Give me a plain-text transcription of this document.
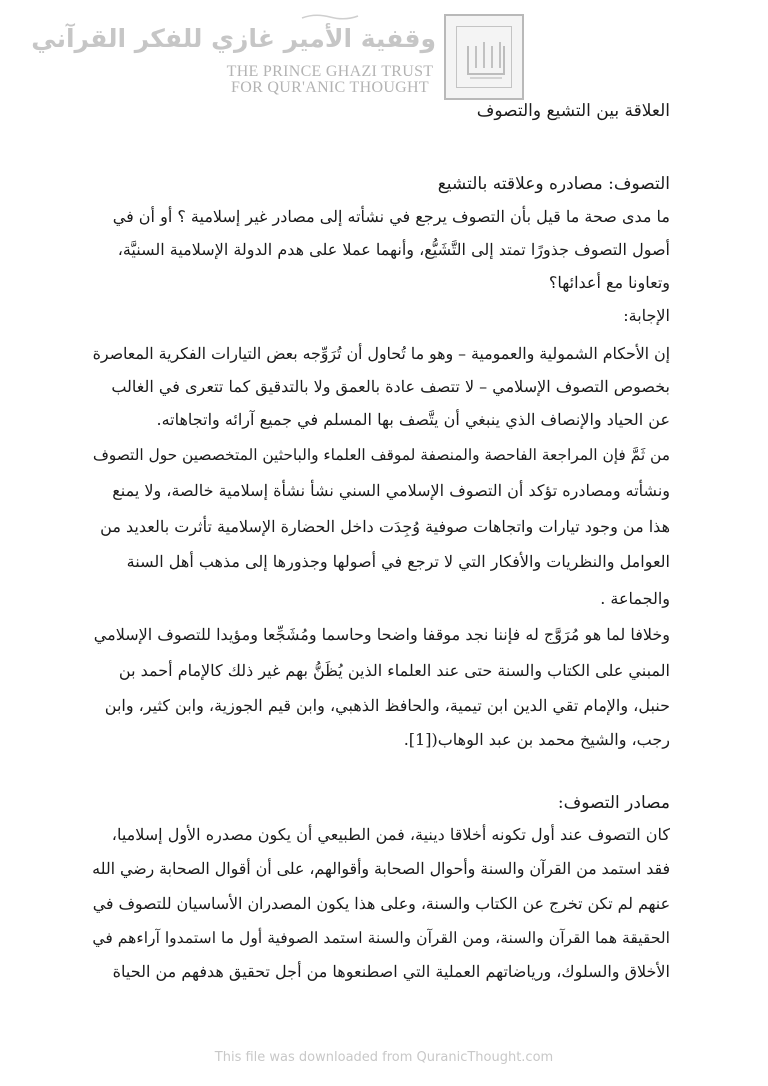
وقفية الأمير غازي للفكر القرآني
THE PRINCE GHAZI TRUST
FOR QUR'ANIC THOUGHT
العلاقة بين التشيع والتصوف
التصوف: مصادره وعلاقته بالتشيع
ما مدى صحة ما قيل بأن التصوف يرجع في نشأته إلى مصادر غير إسلامية ؟ أو أن في
أصول التصوف جذورًا تمتد إلى التَّشَيُّع، وأنهما عملا على هدم الدولة الإسلامية السنيَّة،
وتعاونا مع أعدائها؟
الإجابة:
إن الأحكام الشمولية والعمومية – وهو ما تُحاول أن تُرَوِّجه بعض التيارات الفكرية المعاصرة
بخصوص التصوف الإسلامي – لا تتصف عادة بالعمق ولا بالتدقيق كما تتعرى في الغالب
عن الحياد والإنصاف الذي ينبغي أن يتَّصف بها المسلم في جميع آرائه واتجاهاته.
من ثَمَّ فإن المراجعة الفاحصة والمنصفة لموقف العلماء والباحثين المتخصصين حول التصوف
ونشأته ومصادره تؤكد أن التصوف الإسلامي السني نشأ نشأة إسلامية خالصة، ولا يمنع
هذا من وجود تيارات واتجاهات صوفية وُجِدَت داخل الحضارة الإسلامية تأثرت بالعديد من
العوامل والنظريات والأفكار التي لا ترجع في أصولها وجذورها إلى مذهب أهل السنة
والجماعة .
وخلافا لما هو مُرَوَّج له فإننا نجد موقفا واضحا وحاسما ومُشَجِّعا ومؤيدا للتصوف الإسلامي
المبني على الكتاب والسنة حتى عند العلماء الذين يُظَنُّ بهم غير ذلك كالإمام أحمد بن
حنبل، والإمام تقي الدين ابن تيمية، والحافظ الذهبي، وابن قيم الجوزية، وابن كثير، وابن
رجب، والشيخ محمد بن عبد الوهاب([1].
مصادر التصوف:
كان التصوف عند أول تكونه أخلاقا دينية، فمن الطبيعي أن يكون مصدره الأول إسلاميا،
فقد استمد من القرآن والسنة وأحوال الصحابة وأقوالهم، على أن أقوال الصحابة رضي الله
عنهم لم تكن تخرج عن الكتاب والسنة، وعلى هذا يكون المصدران الأساسيان للتصوف في
الحقيقة هما القرآن والسنة، ومن القرآن والسنة استمد الصوفية أول ما استمدوا آراءهم في
الأخلاق والسلوك، ورياضاتهم العملية التي اصطنعوها من أجل تحقيق هدفهم من الحياة
This file was downloaded from QuranicThought.com
